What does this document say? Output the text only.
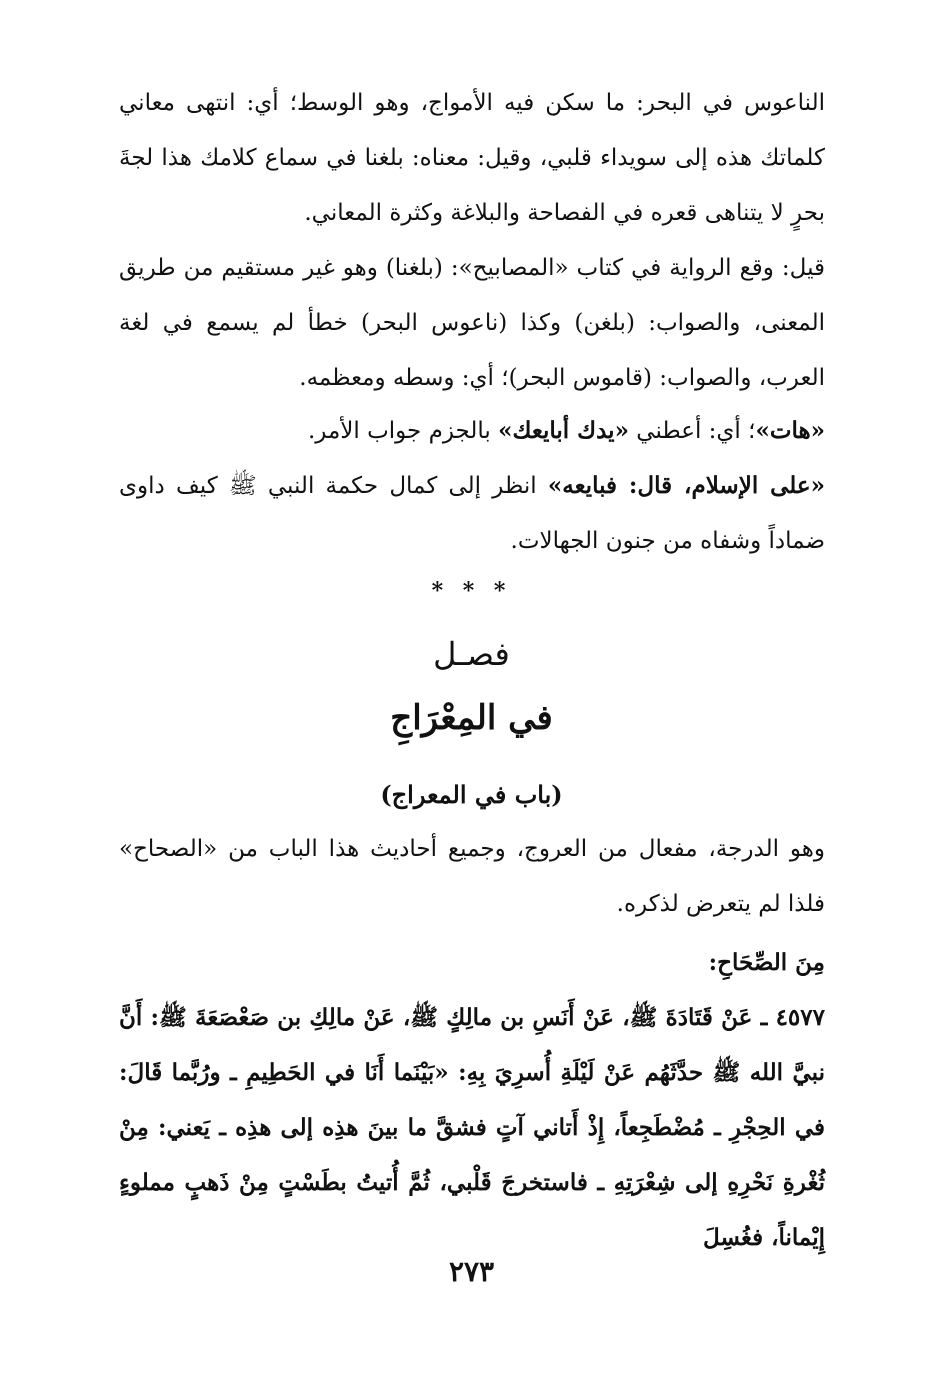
الناعوس في البحر: ما سكن فيه الأمواج، وهو الوسط؛ أي: انتهى معاني كلماتك هذه إلى سويداء قلبي، وقيل: معناه: بلغنا في سماع كلامك هذا لجةَ بحرٍ لا يتناهى قعره في الفصاحة والبلاغة وكثرة المعاني.

قيل: وقع الرواية في كتاب «المصابيح»: (بلغنا) وهو غير مستقيم من طريق المعنى، والصواب: (بلغن) وكذا (ناعوس البحر) خطأ لم يسمع في لغة العرب، والصواب: (قاموس البحر)؛ أي: وسطه ومعظمه.

«هات»؛ أي: أعطني «يدك أبايعك» بالجزم جواب الأمر.

«على الإسلام، قال: فبايعه» انظر إلى كمال حكمة النبي ﷺ كيف داوى ضماداً وشفاه من جنون الجهالات.

* * *
فصـل
في المِعْرَاجِ
(باب في المعراج)

وهو الدرجة، مفعال من العروج، وجميع أحاديث هذا الباب من «الصحاح» فلذا لم يتعرض لذكره.

مِنَ الصِّحَاحِ:

٤٥٧٧ ـ عَنْ قَتَادَةَ ﷺ، عَنْ أَنَسِ بن مالِكٍ ﷺ، عَنْ مالِكِ بن صَعْصَعَةَ ﷺ: أَنَّ نبيَّ الله ﷺ حدَّثَهُم عَنْ لَيْلَةِ أُسرِيَ بِهِ: «بَيْنَما أَنَا في الحَطِيمِ ـ ورُبَّما قَالَ: في الحِجْرِ ـ مُضْطَجِعاً، إِذْ أَتاني آتٍ فشقَّ ما بينَ هذِه إلى هذِه ـ يَعني: مِنْ ثُغْرةِ نَحْرِهِ إلى شِعْرَتِهِ ـ فاستخرجَ قَلْبي، ثُمَّ أُتيتُ بطَسْتٍ مِنْ ذَهبٍ مملوءٍ إِيْماناً، فغُسِلَ

٢٧٣
